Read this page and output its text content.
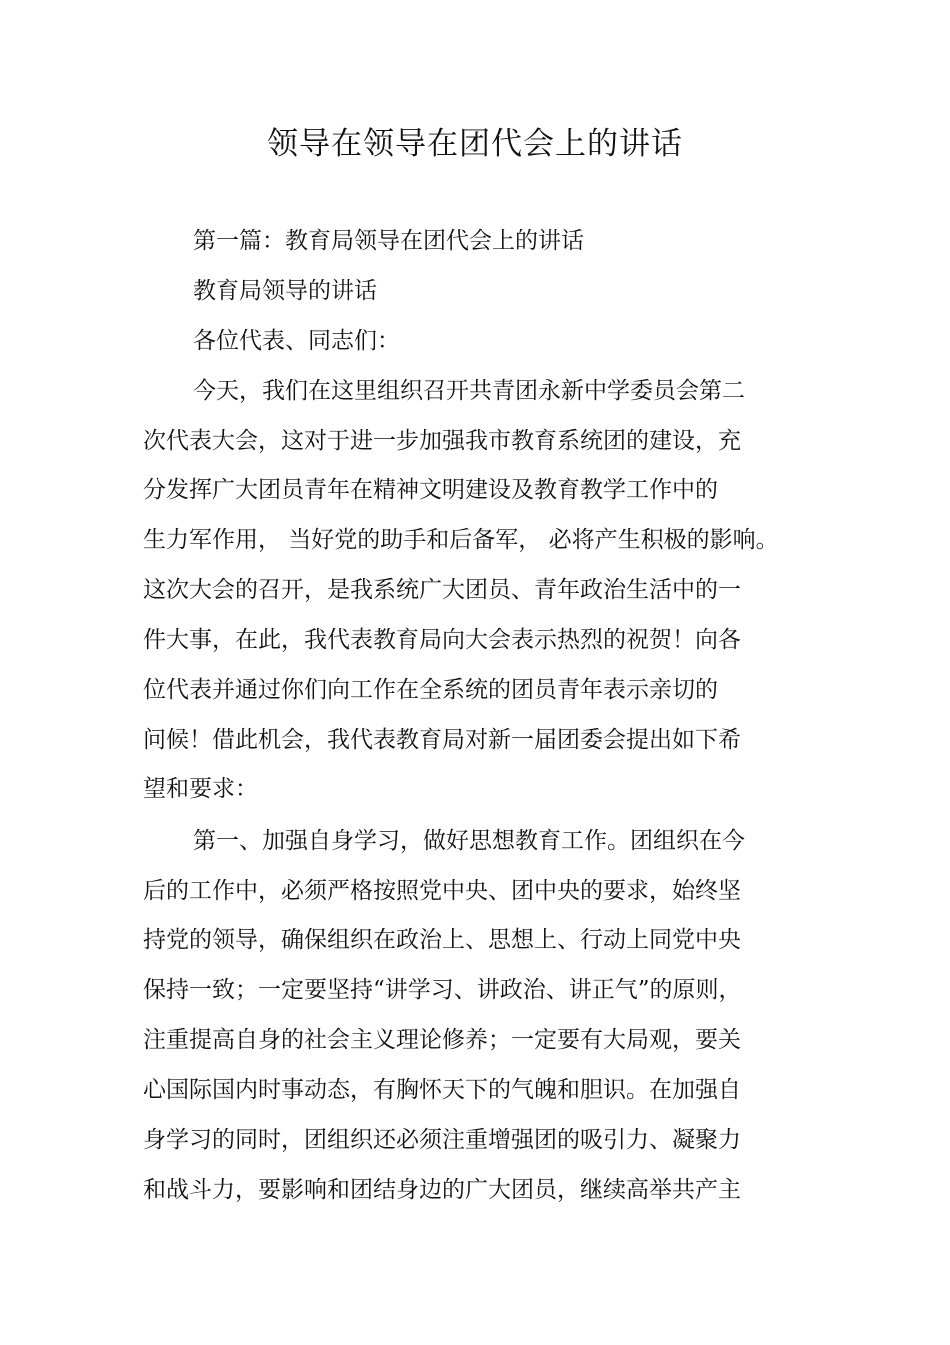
领导在领导在团代会上的讲话
第一篇：教育局领导在团代会上的讲话
教育局领导的讲话
各位代表、同志们：
今天，我们在这里组织召开共青团永新中学委员会第二
次代表大会，这对于进一步加强我市教育系统团的建设，充
分发挥广大团员青年在精神文明建设及教育教学工作中的
生力军作用， 当好党的助手和后备军， 必将产生积极的影响。
这次大会的召开，是我系统广大团员、青年政治生活中的一
件大事，在此，我代表教育局向大会表示热烈的祝贺！向各
位代表并通过你们向工作在全系统的团员青年表示亲切的
问候！借此机会，我代表教育局对新一届团委会提出如下希
望和要求：
第一、加强自身学习，做好思想教育工作。团组织在今
后的工作中，必须严格按照党中央、团中央的要求，始终坚
持党的领导，确保组织在政治上、思想上、行动上同党中央
保持一致；一定要坚持“讲学习、讲政治、讲正气”的原则，
注重提高自身的社会主义理论修养；一定要有大局观，要关
心国际国内时事动态，有胸怀天下的气魄和胆识。在加强自
身学习的同时，团组织还必须注重增强团的吸引力、凝聚力
和战斗力，要影响和团结身边的广大团员，继续高举共产主
